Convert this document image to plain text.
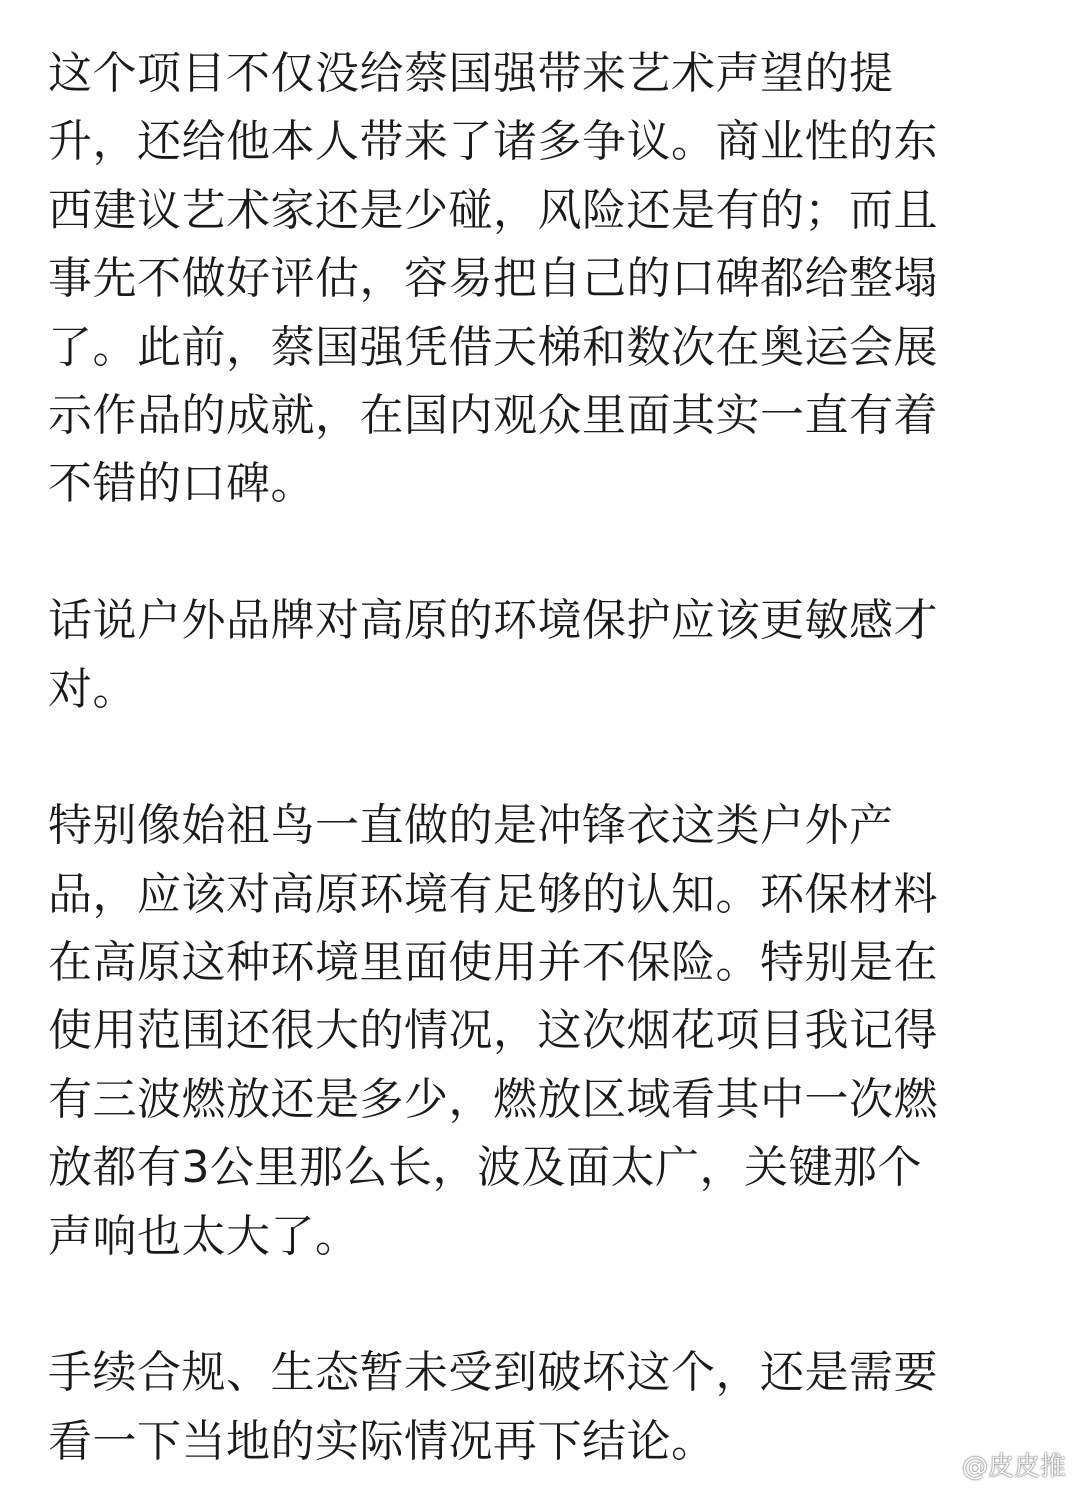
这个项目不仅没给蔡国强带来艺术声望的提
升，还给他本人带来了诸多争议。商业性的东
西建议艺术家还是少碰，风险还是有的；而且
事先不做好评估，容易把自己的口碑都给整塌
了。此前，蔡国强凭借天梯和数次在奥运会展
示作品的成就，在国内观众里面其实一直有着
不错的口碑。
话说户外品牌对高原的环境保护应该更敏感才
对。
特别像始祖鸟一直做的是冲锋衣这类户外产
品，应该对高原环境有足够的认知。环保材料
在高原这种环境里面使用并不保险。特别是在
使用范围还很大的情况，这次烟花项目我记得
有三波燃放还是多少，燃放区域看其中一次燃
放都有3公里那么长，波及面太广，关键那个
声响也太大了。
手续合规、生态暂未受到破坏这个，还是需要
看一下当地的实际情况再下结论。	@皮皮推
